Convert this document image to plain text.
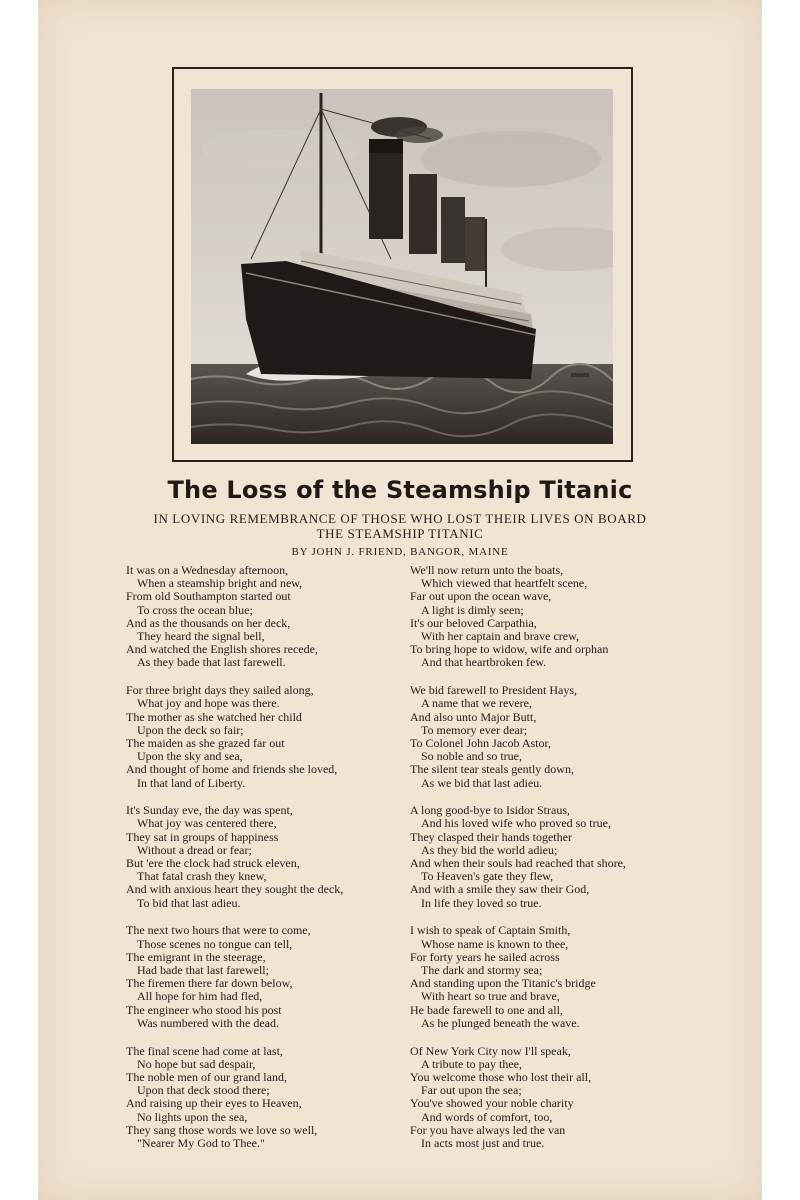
The Loss of the Steamship Titanic
IN LOVING REMEMBRANCE OF THOSE WHO LOST THEIR LIVES ON BOARD
THE STEAMSHIP TITANIC
BY JOHN J. FRIEND, BANGOR, MAINE
It was on a Wednesday afternoon,
When a steamship bright and new,
From old Southampton started out
To cross the ocean blue;
And as the thousands on her deck,
They heard the signal bell,
And watched the English shores recede,
As they bade that last farewell.
For three bright days they sailed along,
What joy and hope was there.
The mother as she watched her child
Upon the deck so fair;
The maiden as she grazed far out
Upon the sky and sea,
And thought of home and friends she loved,
In that land of Liberty.
It's Sunday eve, the day was spent,
What joy was centered there,
They sat in groups of happiness
Without a dread or fear;
But 'ere the clock had struck eleven,
That fatal crash they knew,
And with anxious heart they sought the deck,
To bid that last adieu.
The next two hours that were to come,
Those scenes no tongue can tell,
The emigrant in the steerage,
Had bade that last farewell;
The firemen there far down below,
All hope for him had fled,
The engineer who stood his post
Was numbered with the dead.
The final scene had come at last,
No hope but sad despair,
The noble men of our grand land,
Upon that deck stood there;
And raising up their eyes to Heaven,
No lights upon the sea,
They sang those words we love so well,
"Nearer My God to Thee."
We'll now return unto the boats,
Which viewed that heartfelt scene,
Far out upon the ocean wave,
A light is dimly seen;
It's our beloved Carpathia,
With her captain and brave crew,
To bring hope to widow, wife and orphan
And that heartbroken few.
We bid farewell to President Hays,
A name that we revere,
And also unto Major Butt,
To memory ever dear;
To Colonel John Jacob Astor,
So noble and so true,
The silent tear steals gently down,
As we bid that last adieu.
A long good-bye to Isidor Straus,
And his loved wife who proved so true,
They clasped their hands together
As they bid the world adieu;
And when their souls had reached that shore,
To Heaven's gate they flew,
And with a smile they saw their God,
In life they loved so true.
I wish to speak of Captain Smith,
Whose name is known to thee,
For forty years he sailed across
The dark and stormy sea;
And standing upon the Titanic's bridge
With heart so true and brave,
He bade farewell to one and all,
As he plunged beneath the wave.
Of New York City now I'll speak,
A tribute to pay thee,
You welcome those who lost their all,
Far out upon the sea;
You've showed your noble charity
And words of comfort, too,
For you have always led the van
In acts most just and true.
